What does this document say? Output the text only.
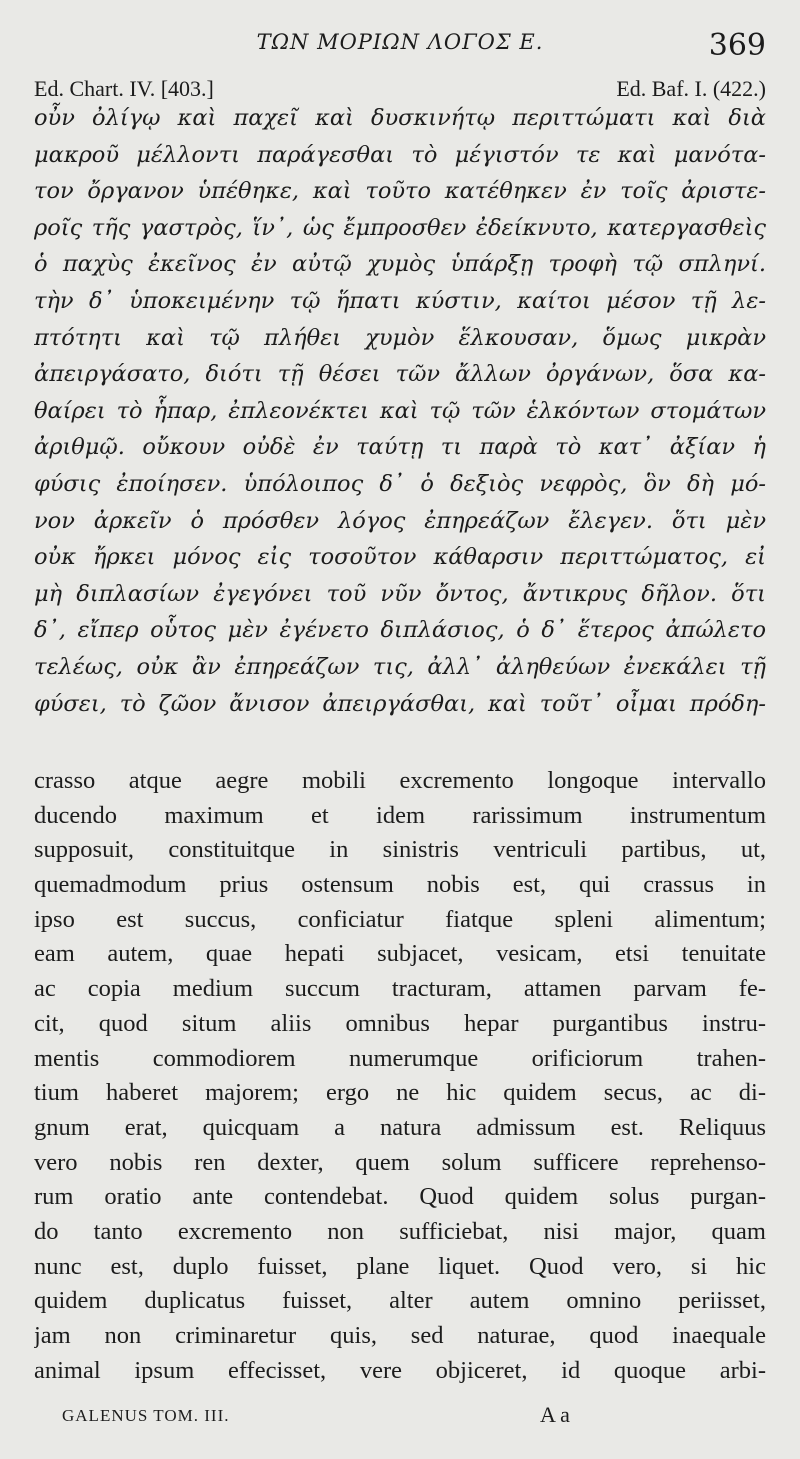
ΤΩΝ ΜΟΡΙΩΝ ΛΟΓΟΣ Ε.	369
Ed. Chart. IV. [403.]	Ed. Baf. I. (422.)
οὖν ὀλίγῳ καὶ παχεῖ καὶ δυσκινήτῳ περιττώματι καὶ διὰ
μακροῦ μέλλοντι παράγεσθαι τὸ μέγιστόν τε καὶ μανότα-
τον ὄργανον ὑπέθηκε, καὶ τοῦτο κατέθηκεν ἐν τοῖς ἀριστε-
ροῖς τῆς γαστρὸς, ἵν᾽, ὡς ἔμπροσθεν ἐδείκνυτο, κατεργασθεὶς
ὁ παχὺς ἐκεῖνος ἐν αὐτῷ χυμὸς ὑπάρξῃ τροφὴ τῷ σπληνί.
τὴν δ᾽ ὑποκειμένην τῷ ἥπατι κύστιν, καίτοι μέσον τῇ λε-
πτότητι καὶ τῷ πλήθει χυμὸν ἕλκουσαν, ὅμως μικρὰν
ἀπειργάσατο, διότι τῇ θέσει τῶν ἄλλων ὀργάνων, ὅσα κα-
θαίρει τὸ ἧπαρ, ἐπλεονέκτει καὶ τῷ τῶν ἑλκόντων στομάτων
ἀριθμῷ. οὔκουν οὐδὲ ἐν ταύτῃ τι παρὰ τὸ κατ᾽ ἀξίαν ἡ
φύσις ἐποίησεν. ὑπόλοιπος δ᾽ ὁ δεξιὸς νεφρὸς, ὃν δὴ μό-
νον ἀρκεῖν ὁ πρόσθεν λόγος ἐπηρεάζων ἔλεγεν. ὅτι μὲν
οὐκ ἤρκει μόνος εἰς τοσοῦτον κάθαρσιν περιττώματος, εἰ
μὴ διπλασίων ἐγεγόνει τοῦ νῦν ὄντος, ἄντικρυς δῆλον. ὅτι
δ᾽, εἴπερ οὗτος μὲν ἐγένετο διπλάσιος, ὁ δ᾽ ἕτερος ἀπώλετο
τελέως, οὐκ ἂν ἐπηρεάζων τις, ἀλλ᾽ ἀληθεύων ἐνεκάλει τῇ
φύσει, τὸ ζῶον ἄνισον ἀπειργάσθαι, καὶ τοῦτ᾽ οἶμαι πρόδη-
crasso atque aegre mobili excremento longoque intervallo
ducendo maximum et idem rarissimum instrumentum
supposuit, constituitque in sinistris ventriculi partibus, ut,
quemadmodum prius ostensum nobis est, qui crassus in
ipso est succus, conficiatur fiatque spleni alimentum;
eam autem, quae hepati subjacet, vesicam, etsi tenuitate
ac copia medium succum tracturam, attamen parvam fe-
cit, quod situm aliis omnibus hepar purgantibus instru-
mentis commodiorem numerumque orificiorum trahen-
tium haberet majorem; ergo ne hic quidem secus, ac di-
gnum erat, quicquam a natura admissum est. Reliquus
vero nobis ren dexter, quem solum sufficere reprehenso-
rum oratio ante contendebat. Quod quidem solus purgan-
do tanto excremento non sufficiebat, nisi major, quam
nunc est, duplo fuisset, plane liquet. Quod vero, si hic
quidem duplicatus fuisset, alter autem omnino periisset,
jam non criminaretur quis, sed naturae, quod inaequale
animal ipsum effecisset, vere objiceret, id quoque arbi-
GALENUS TOM. III.	A a
